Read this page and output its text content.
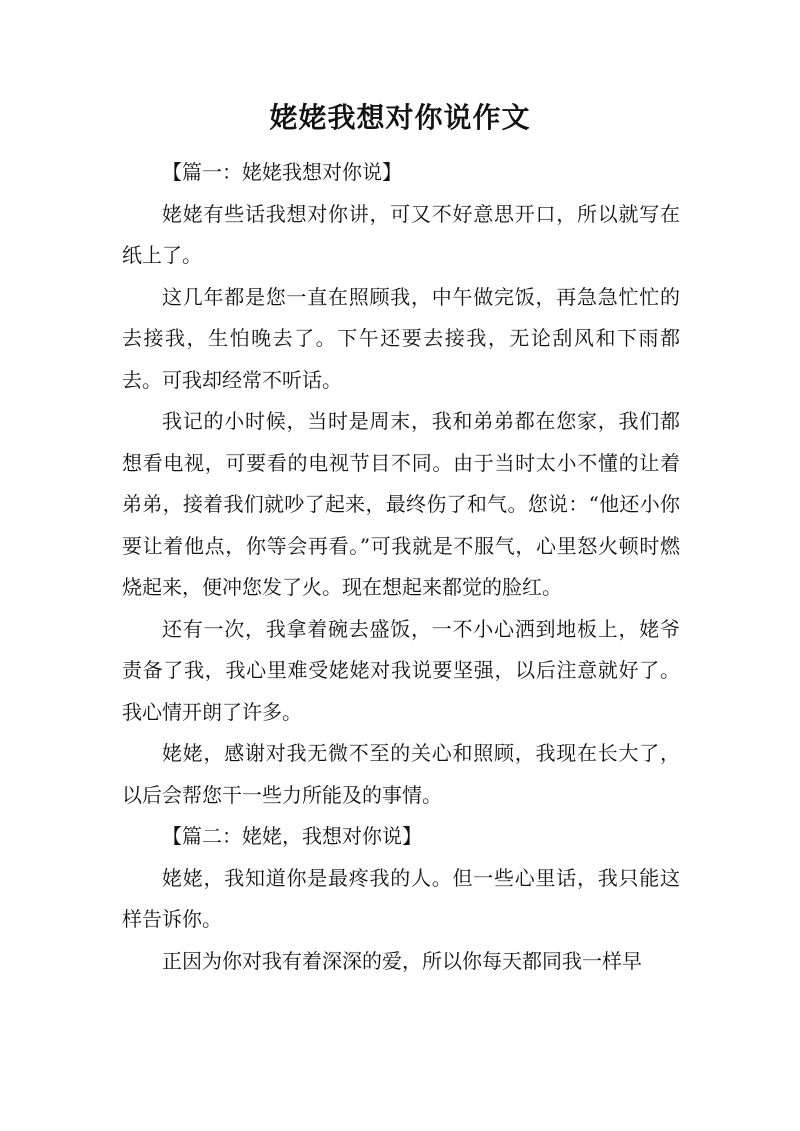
姥姥我想对你说作文

【篇一：姥姥我想对你说】

姥姥有些话我想对你讲，可又不好意思开口，所以就写在纸上了。

这几年都是您一直在照顾我，中午做完饭，再急急忙忙的去接我，生怕晚去了。下午还要去接我，无论刮风和下雨都去。可我却经常不听话。

我记的小时候，当时是周末，我和弟弟都在您家，我们都想看电视，可要看的电视节目不同。由于当时太小不懂的让着弟弟，接着我们就吵了起来，最终伤了和气。您说：“他还小你要让着他点，你等会再看。”可我就是不服气，心里怒火顿时燃烧起来，便冲您发了火。现在想起来都觉的脸红。

还有一次，我拿着碗去盛饭，一不小心洒到地板上，姥爷责备了我，我心里难受姥姥对我说要坚强，以后注意就好了。我心情开朗了许多。

姥姥，感谢对我无微不至的关心和照顾，我现在长大了，以后会帮您干一些力所能及的事情。

【篇二：姥姥，我想对你说】

姥姥，我知道你是最疼我的人。但一些心里话，我只能这样告诉你。

正因为你对我有着深深的爱，所以你每天都同我一样早
